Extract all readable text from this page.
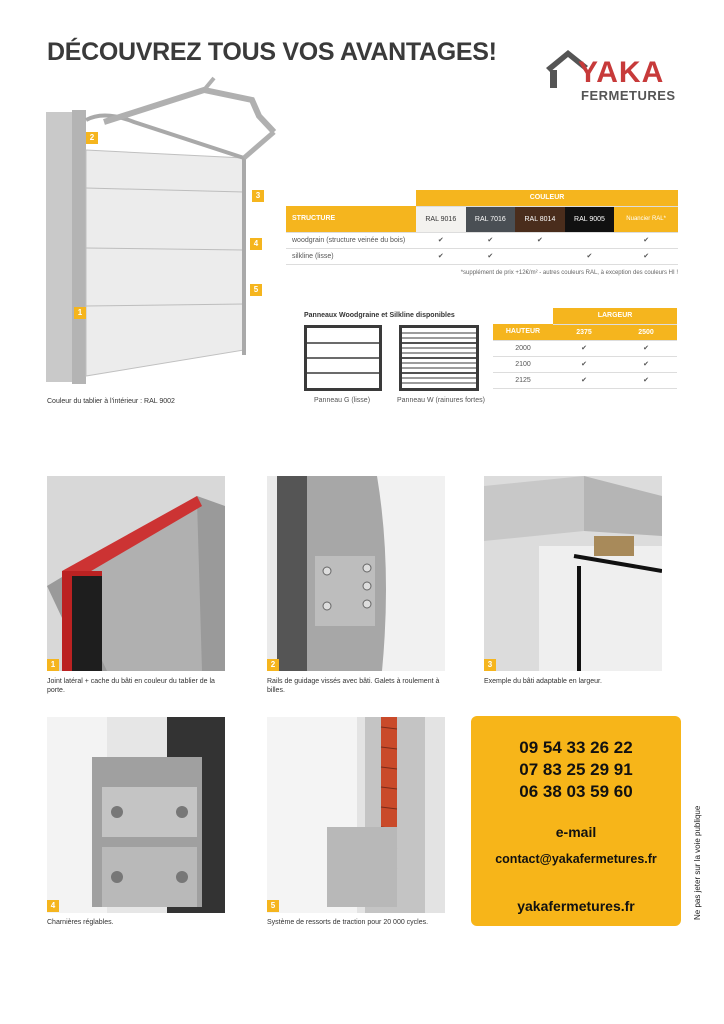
DÉCOUVREZ TOUS VOS AVANTAGES!
YAKA
FERMETURES
2
3
4
5
1
Couleur du tablier à l'intérieur : RAL 9002
	COULEUR				
STRUCTURE	RAL 9016	RAL 7016	RAL 8014	RAL 9005	Nuancier RAL*
woodgrain (structure veinée du bois)	✔	✔	✔		✔
silkline (lisse)	✔	✔		✔	✔
*supplément de prix +12€/m² - autres couleurs RAL, à exception des couleurs HI !
Panneaux Woodgraine et Silkline disponibles
Panneau G (lisse)	Panneau W (rainures fortes)
	LARGEUR	
HAUTEUR	2375	2500
2000	✔	✔
2100	✔	✔
2125	✔	✔
1	2	3
4	5
Joint latéral + cache du bâti en couleur du tablier de la porte.
Rails de guidage vissés avec bâti. Galets à roulement à billes.
Exemple du bâti adaptable en largeur.
Charnières réglables.	Système de ressorts de traction pour 20 000 cycles.
09 54 33 26 22
07 83 25 29 91
06 38 03 59 60
e-mail
contact@yakafermetures.fr
yakafermetures.fr	Ne pas jeter sur la voie publique
